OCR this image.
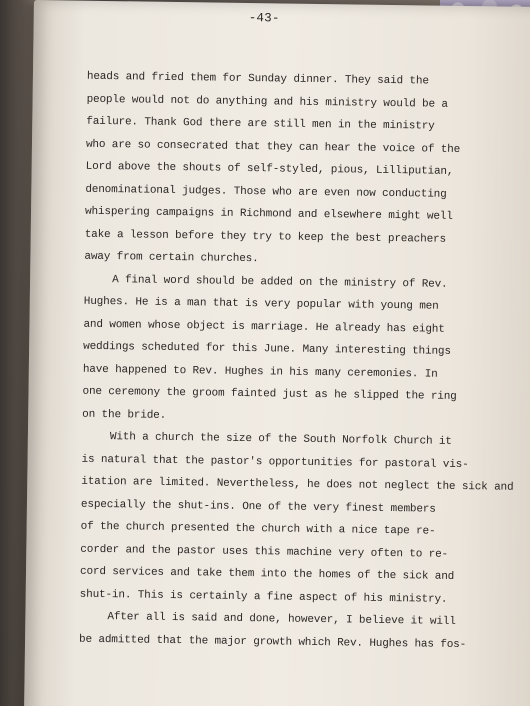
-43-
heads and fried them for Sunday dinner. They said the
people would not do anything and his ministry would be a
failure. Thank God there are still men in the ministry
who are so consecrated that they can hear the voice of the
Lord above the shouts of self-styled, pious, Lilliputian,
denominational judges. Those who are even now conducting
whispering campaigns in Richmond and elsewhere might well
take a lesson before they try to keep the best preachers
away from certain churches.
A final word should be added on the ministry of Rev.
Hughes. He is a man that is very popular with young men
and women whose object is marriage. He already has eight
weddings scheduted for this June. Many interesting things
have happened to Rev. Hughes in his many ceremonies. In
one ceremony the groom fainted just as he slipped the ring
on the bride.
With a church the size of the South Norfolk Church it
is natural that the pastor's opportunities for pastoral vis-
itation are limited. Nevertheless, he does not neglect the sick and
especially the shut-ins. One of the very finest members
of the church presented the church with a nice tape re-
corder and the pastor uses this machine very often to re-
cord services and take them into the homes of the sick and
shut-in. This is certainly a fine aspect of his ministry.
After all is said and done, however, I believe it will
be admitted that the major growth which Rev. Hughes has fos-
